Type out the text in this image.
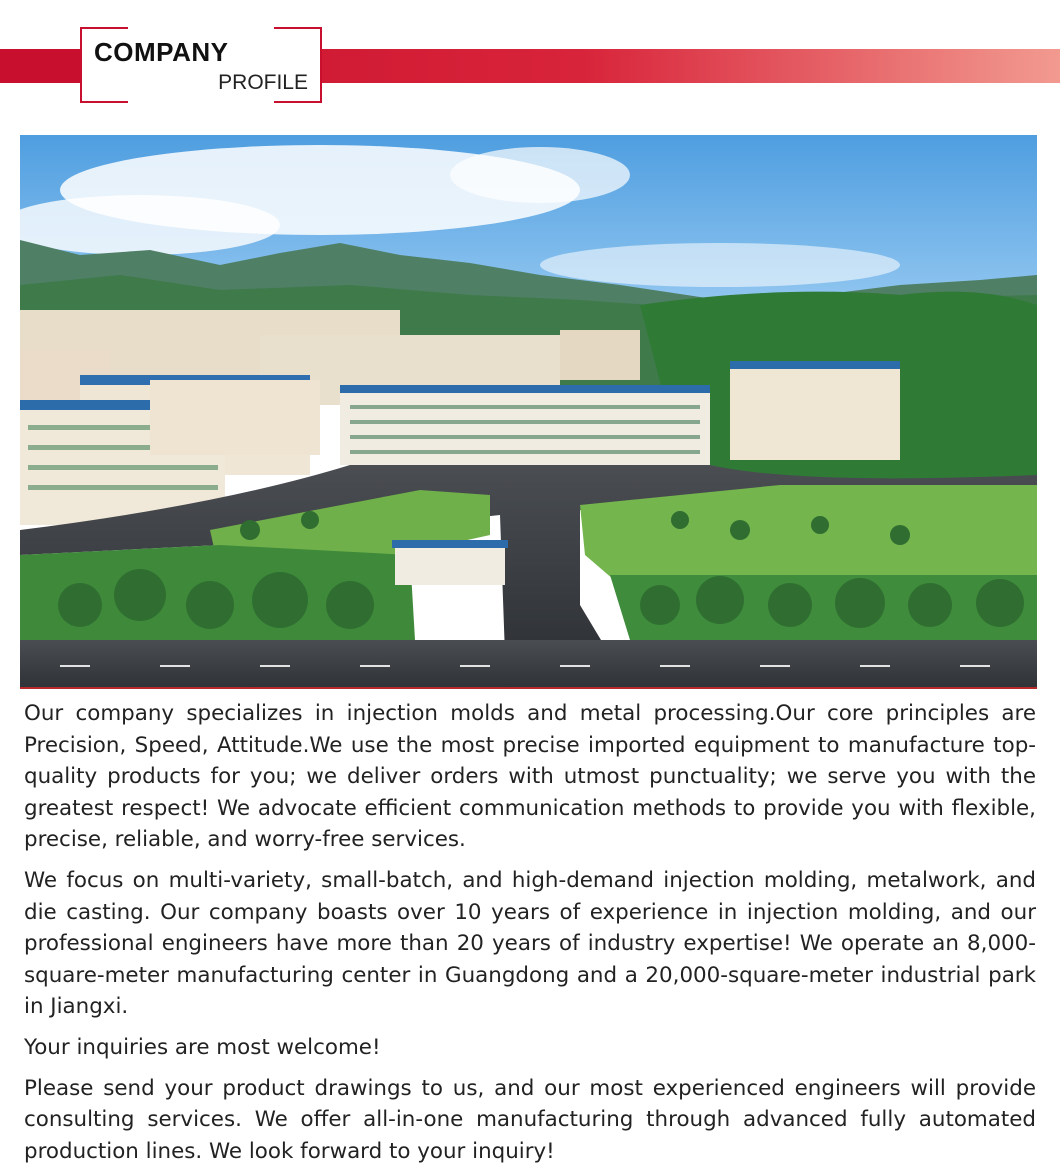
COMPANY
PROFILE

Our company specializes in injection molds and metal processing.Our core principles are Precision, Speed, Attitude.We use the most precise imported equipment to manufacture top-quality products for you; we deliver orders with utmost punctuality; we serve you with the greatest respect! We advocate efficient communication methods to provide you with flexible, precise, reliable, and worry-free services.

We focus on multi-variety, small-batch, and high-demand injection molding, metalwork, and die casting. Our company boasts over 10 years of experience in injection molding, and our professional engineers have more than 20 years of industry expertise! We operate an 8,000-square-meter manufacturing center in Guangdong and a 20,000-square-meter industrial park in Jiangxi.

Your inquiries are most welcome!

Please send your product drawings to us, and our most experienced engineers will provide consulting services. We offer all-in-one manufacturing through advanced fully automated production lines. We look forward to your inquiry!
